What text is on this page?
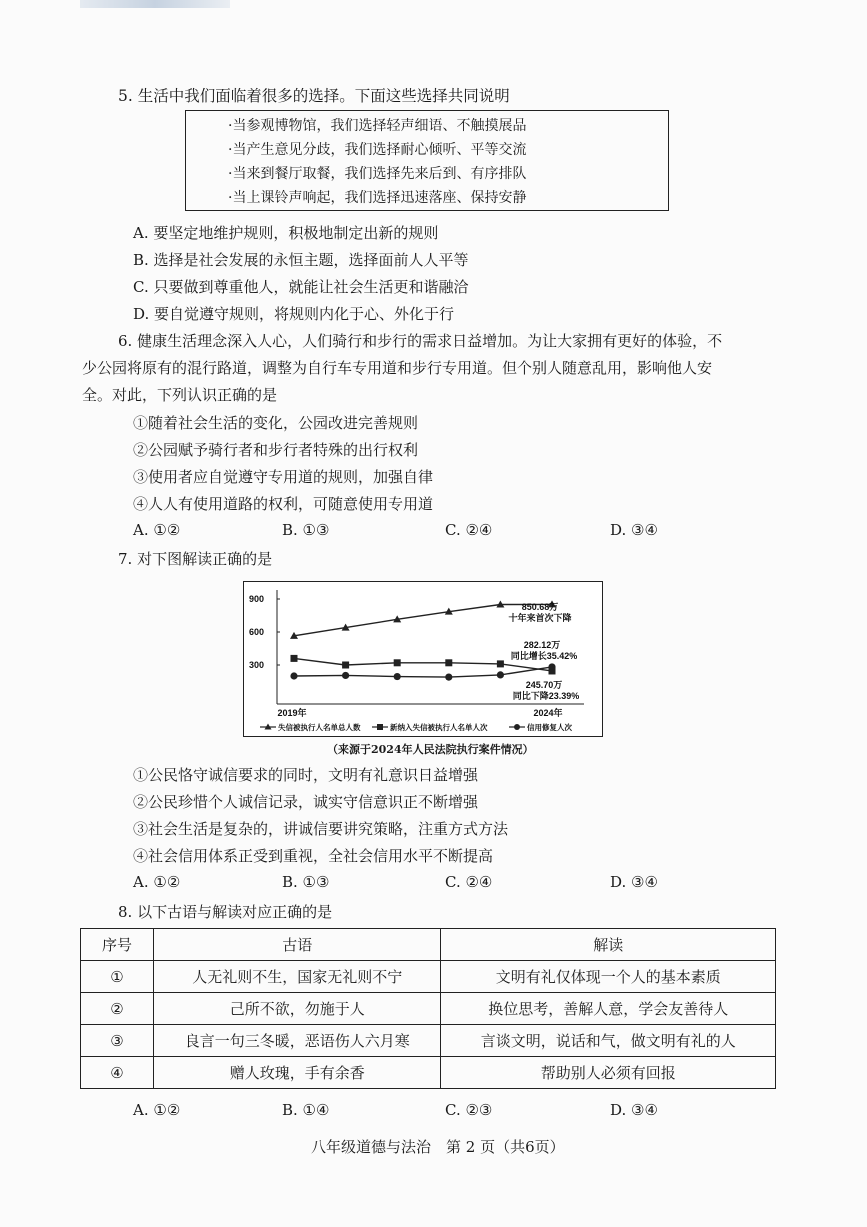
5. 生活中我们面临着很多的选择。下面这些选择共同说明
·当参观博物馆，我们选择轻声细语、不触摸展品
·当产生意见分歧，我们选择耐心倾听、平等交流
·当来到餐厅取餐，我们选择先来后到、有序排队
·当上课铃声响起，我们选择迅速落座、保持安静
A. 要坚定地维护规则，积极地制定出新的规则
B. 选择是社会发展的永恒主题，选择面前人人平等
C. 只要做到尊重他人，就能让社会生活更和谐融洽
D. 要自觉遵守规则，将规则内化于心、外化于行
6. 健康生活理念深入人心，人们骑行和步行的需求日益增加。为让大家拥有更好的体验，不
少公园将原有的混行路道，调整为自行车专用道和步行专用道。但个别人随意乱用，影响他人安
全。对此，下列认识正确的是
①随着社会生活的变化，公园改进完善规则
②公园赋予骑行者和步行者特殊的出行权利
③使用者应自觉遵守专用道的规则，加强自律
④人人有使用道路的权利，可随意使用专用道
A. ①②	B. ①③	C. ②④	D. ③④
7. 对下图解读正确的是
300
600
900
2019年	2024年
850.68万
十年来首次下降
282.12万
同比增长35.42%
245.70万
同比下降23.39%
失信被执行人名单总人数	新纳入失信被执行人名单人次	信用修复人次
（来源于2024年人民法院执行案件情况）
①公民恪守诚信要求的同时，文明有礼意识日益增强
②公民珍惜个人诚信记录，诚实守信意识正不断增强
③社会生活是复杂的，讲诚信要讲究策略，注重方式方法
④社会信用体系正受到重视，全社会信用水平不断提高
A. ①②	B. ①③	C. ②④	D. ③④
8. 以下古语与解读对应正确的是
序号	古语	解读
①	人无礼则不生，国家无礼则不宁	文明有礼仅体现一个人的基本素质
②	己所不欲，勿施于人	换位思考，善解人意，学会友善待人
③	良言一句三冬暖，恶语伤人六月寒	言谈文明，说话和气，做文明有礼的人
④	赠人玫瑰，手有余香	帮助别人必须有回报
A. ①②	B. ①④	C. ②③	D. ③④
八年级道德与法治　第 2 页（共6页）
